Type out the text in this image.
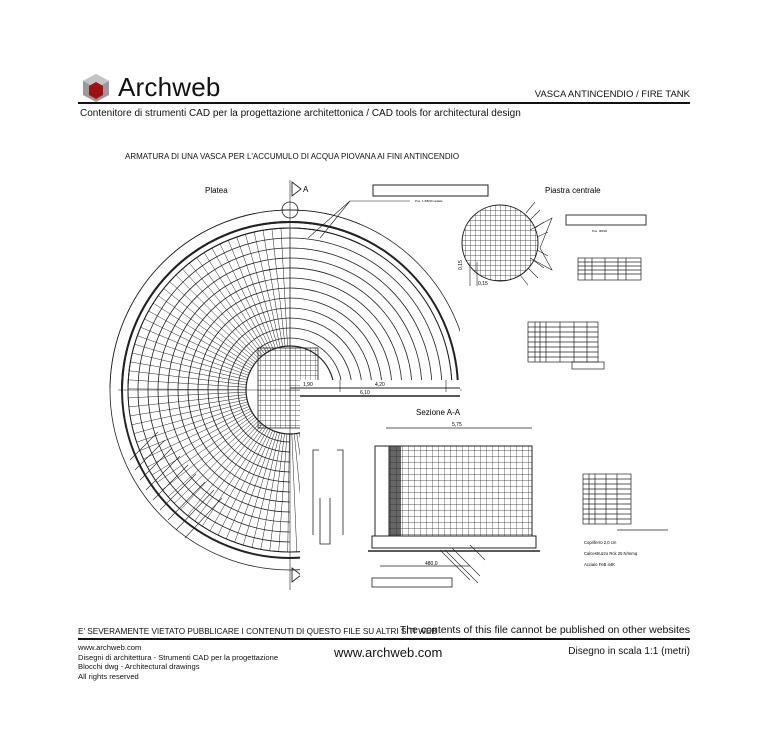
Archweb	VASCA ANTINCENDIO / FIRE TANK
Contenitore di strumenti CAD per la progettazione architettonica / CAD tools for architectural design
ARMATURA DI UNA VASCA PER L'ACCUMULO DI ACQUA PIOVANA AI FINI ANTINCENDIO
A
Platea
1,90	4,20
6,10
Pos. 1 Φ8/30 radiale
Piastra centrale
0,15
0,15
Pos. Φ8/20
Sezione A-A
5,75
480,0
Copriferro 2,0 cm
Calcestruzzo Rck 25 N/mmq
Acciaio FeB 44K
E' SEVERAMENTE VIETATO PUBBLICARE I CONTENUTI DI QUESTO FILE SU ALTRI SITI WEB
The contents of this file cannot be published on other websites
www.archweb.com
Disegni di architettura - Strumenti CAD per la progettazione
Blocchi dwg - Architectural drawings
All rights reserved
www.archweb.com	Disegno in scala 1:1 (metri)
